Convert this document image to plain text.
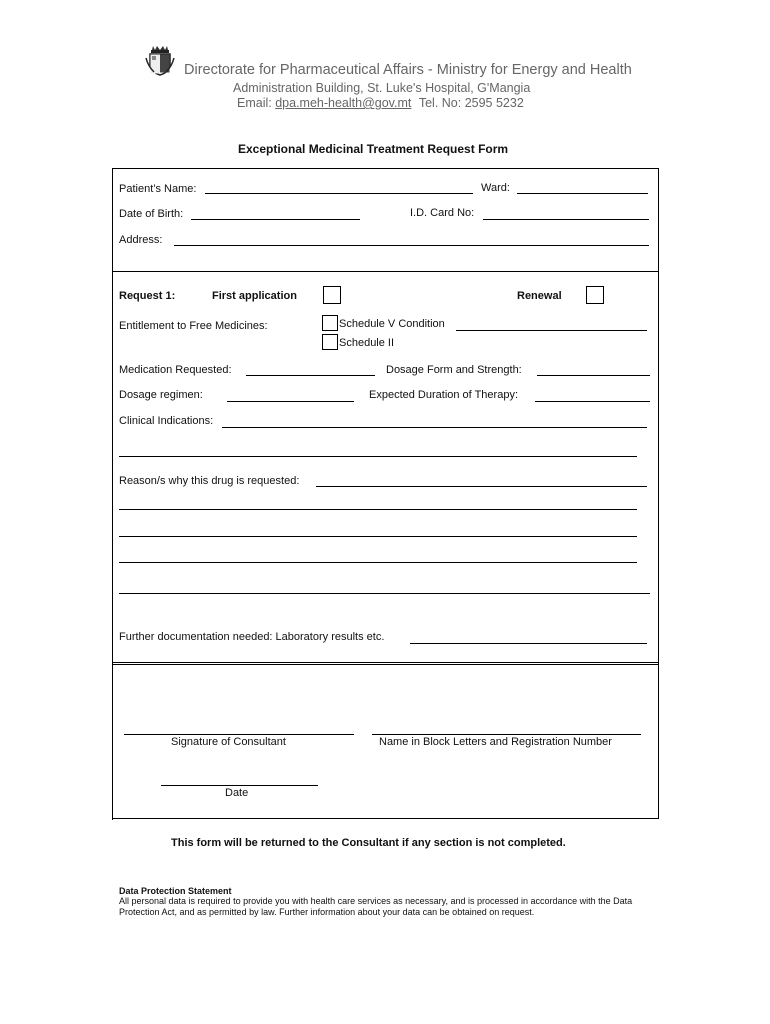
Directorate for Pharmaceutical Affairs - Ministry for Energy and Health
Administration Building, St. Luke's Hospital, G'Mangia
Email: dpa.meh-health@gov.mt Tel. No: 2595 5232
Exceptional Medicinal Treatment Request Form
Patient’s Name:	Ward:
Date of Birth:	I.D. Card No:
Address:
Request 1:	First application	Renewal
Entitlement to Free Medicines:	Schedule V Condition
Schedule II
Medication Requested:	Dosage Form and Strength:
Dosage regimen:	Expected Duration of Therapy:
Clinical Indications:
Reason/s why this drug is requested:
Further documentation needed: Laboratory results etc.
Signature of Consultant	Name in Block Letters and Registration Number
Date
This form will be returned to the Consultant if any section is not completed.
Data Protection Statement
All personal data is required to provide you with health care services as necessary, and is processed in accordance with the Data Protection Act, and as permitted by law. Further information about your data can be obtained on request.
